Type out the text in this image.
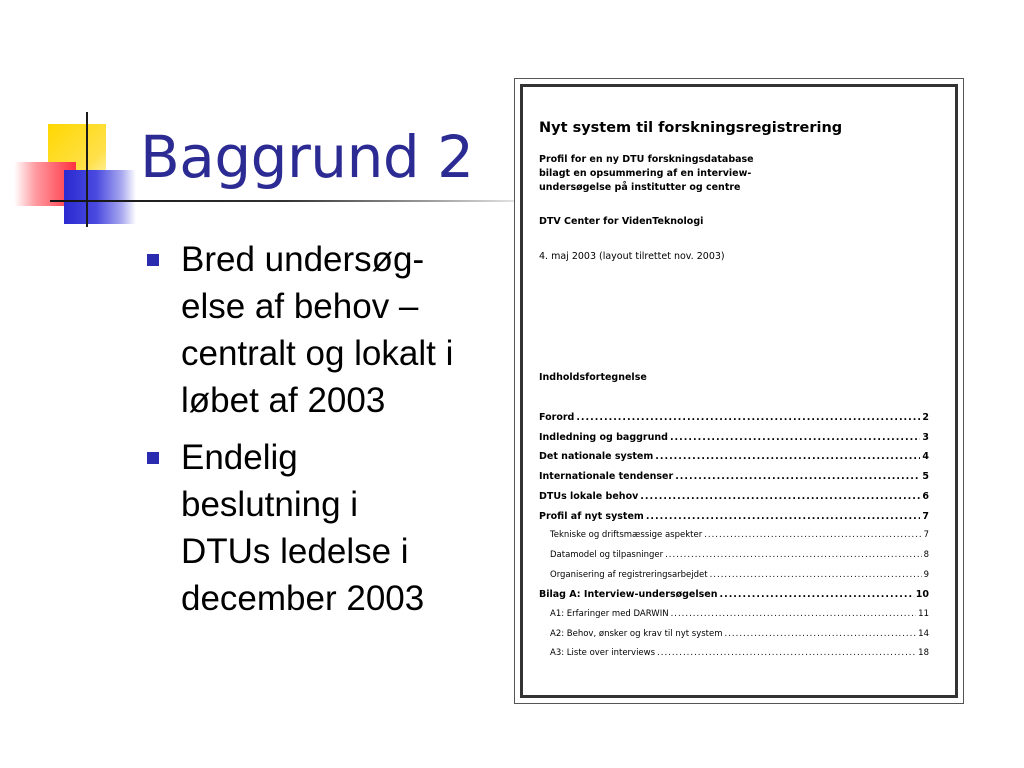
Baggrund 2
Bred undersøg-
else af behov –
centralt og lokalt i
løbet af 2003
Endelig
beslutning i
DTUs ledelse i
december 2003
Nyt system til forskningsregistrering
Profil for en ny DTU forskningsdatabase
bilagt en opsummering af en interview-
undersøgelse på institutter og centre
DTV Center for VidenTeknologi
4. maj 2003 (layout tilrettet nov. 2003)
Indholdsfortegnelse
Forord .....	2
Indledning og baggrund .....	3
Det nationale system .....	4
Internationale tendenser .....	5
DTUs lokale behov .....	6
Profil af nyt system .....	7
Tekniske og driftsmæssige aspekter .....	7
Datamodel og tilpasninger .....	8
Organisering af registreringsarbejdet .....	9
Bilag A: Interview-undersøgelsen .....	10
A1: Erfaringer med DARWIN .....	11
A2: Behov, ønsker og krav til nyt system .....	14
A3: Liste over interviews .....	18
